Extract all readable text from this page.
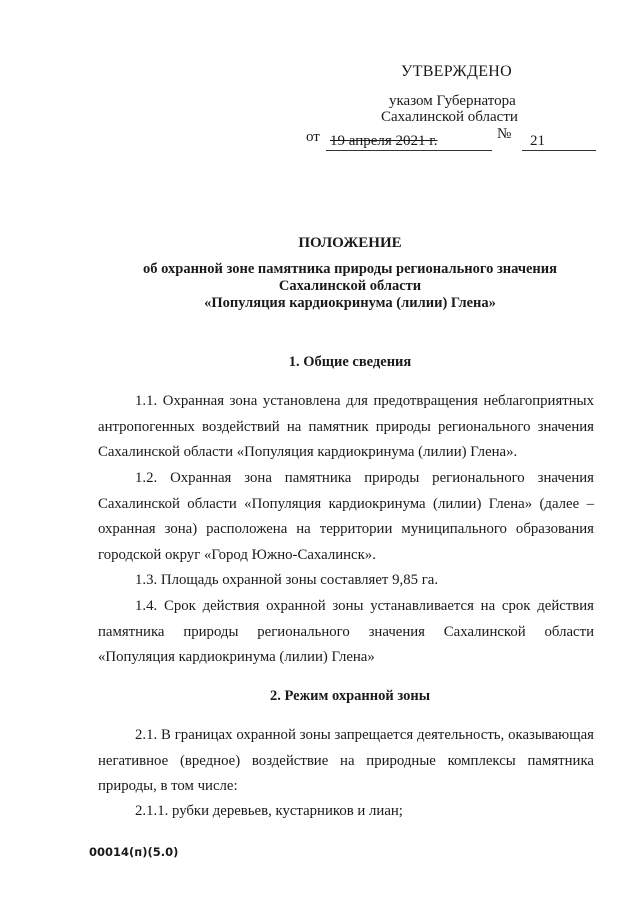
УТВЕРЖДЕНО
указом Губернатора
Сахалинской области
от 19 апреля 2021 г.	№	21
ПОЛОЖЕНИЕ
об охранной зоне памятника природы регионального значения
Сахалинской области
«Популяция кардиокринума (лилии) Глена»
1. Общие сведения
1.1. Охранная зона установлена для предотвращения неблагоприятных антропогенных воздействий на памятник природы регионального значения Сахалинской области «Популяция кардиокринума (лилии) Глена».
1.2. Охранная зона памятника природы регионального значения Сахалинской области «Популяция кардиокринума (лилии) Глена» (далее – охранная зона) расположена на территории муниципального образования городской округ «Город Южно-Сахалинск».
1.3. Площадь охранной зоны составляет 9,85 га.
1.4. Срок действия охранной зоны устанавливается на срок действия памятника природы регионального значения Сахалинской области «Популяция кардиокринума (лилии) Глена»
2. Режим охранной зоны
2.1. В границах охранной зоны запрещается деятельность, оказывающая негативное (вредное) воздействие на природные комплексы памятника природы, в том числе:
2.1.1. рубки деревьев, кустарников и лиан;
00014(п)(5.0)
